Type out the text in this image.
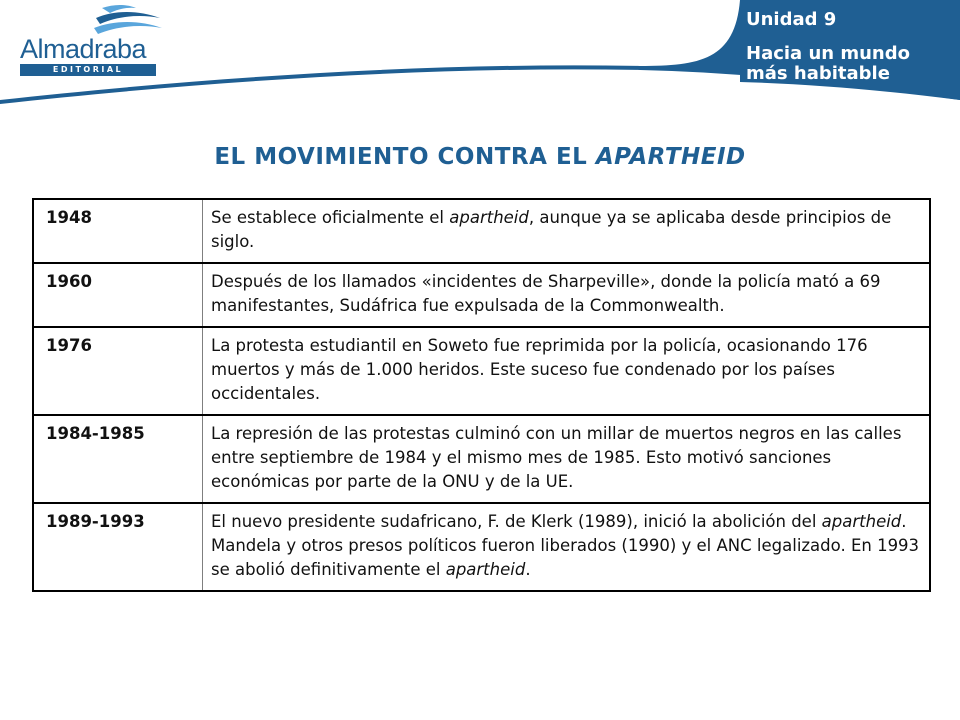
Almadraba
EDITORIAL
Unidad 9
Hacia un mundo más habitable
EL MOVIMIENTO CONTRA EL APARTHEID
1948	Se establece oficialmente el apartheid, aunque ya se aplicaba desde principios de siglo.
1960	Después de los llamados «incidentes de Sharpeville», donde la policía mató a 69 manifestantes, Sudáfrica fue expulsada de la Commonwealth.
1976	La protesta estudiantil en Soweto fue reprimida por la policía, ocasionando 176 muertos y más de 1.000 heridos. Este suceso fue condenado por los países occidentales.
1984-1985	La represión de las protestas culminó con un millar de muertos negros en las calles entre septiembre de 1984 y el mismo mes de 1985. Esto motivó sanciones económicas por parte de la ONU y de la UE.
1989-1993	El nuevo presidente sudafricano, F. de Klerk (1989), inició la abolición del apartheid. Mandela y otros presos políticos fueron liberados (1990) y el ANC legalizado. En 1993 se abolió definitivamente el apartheid.
